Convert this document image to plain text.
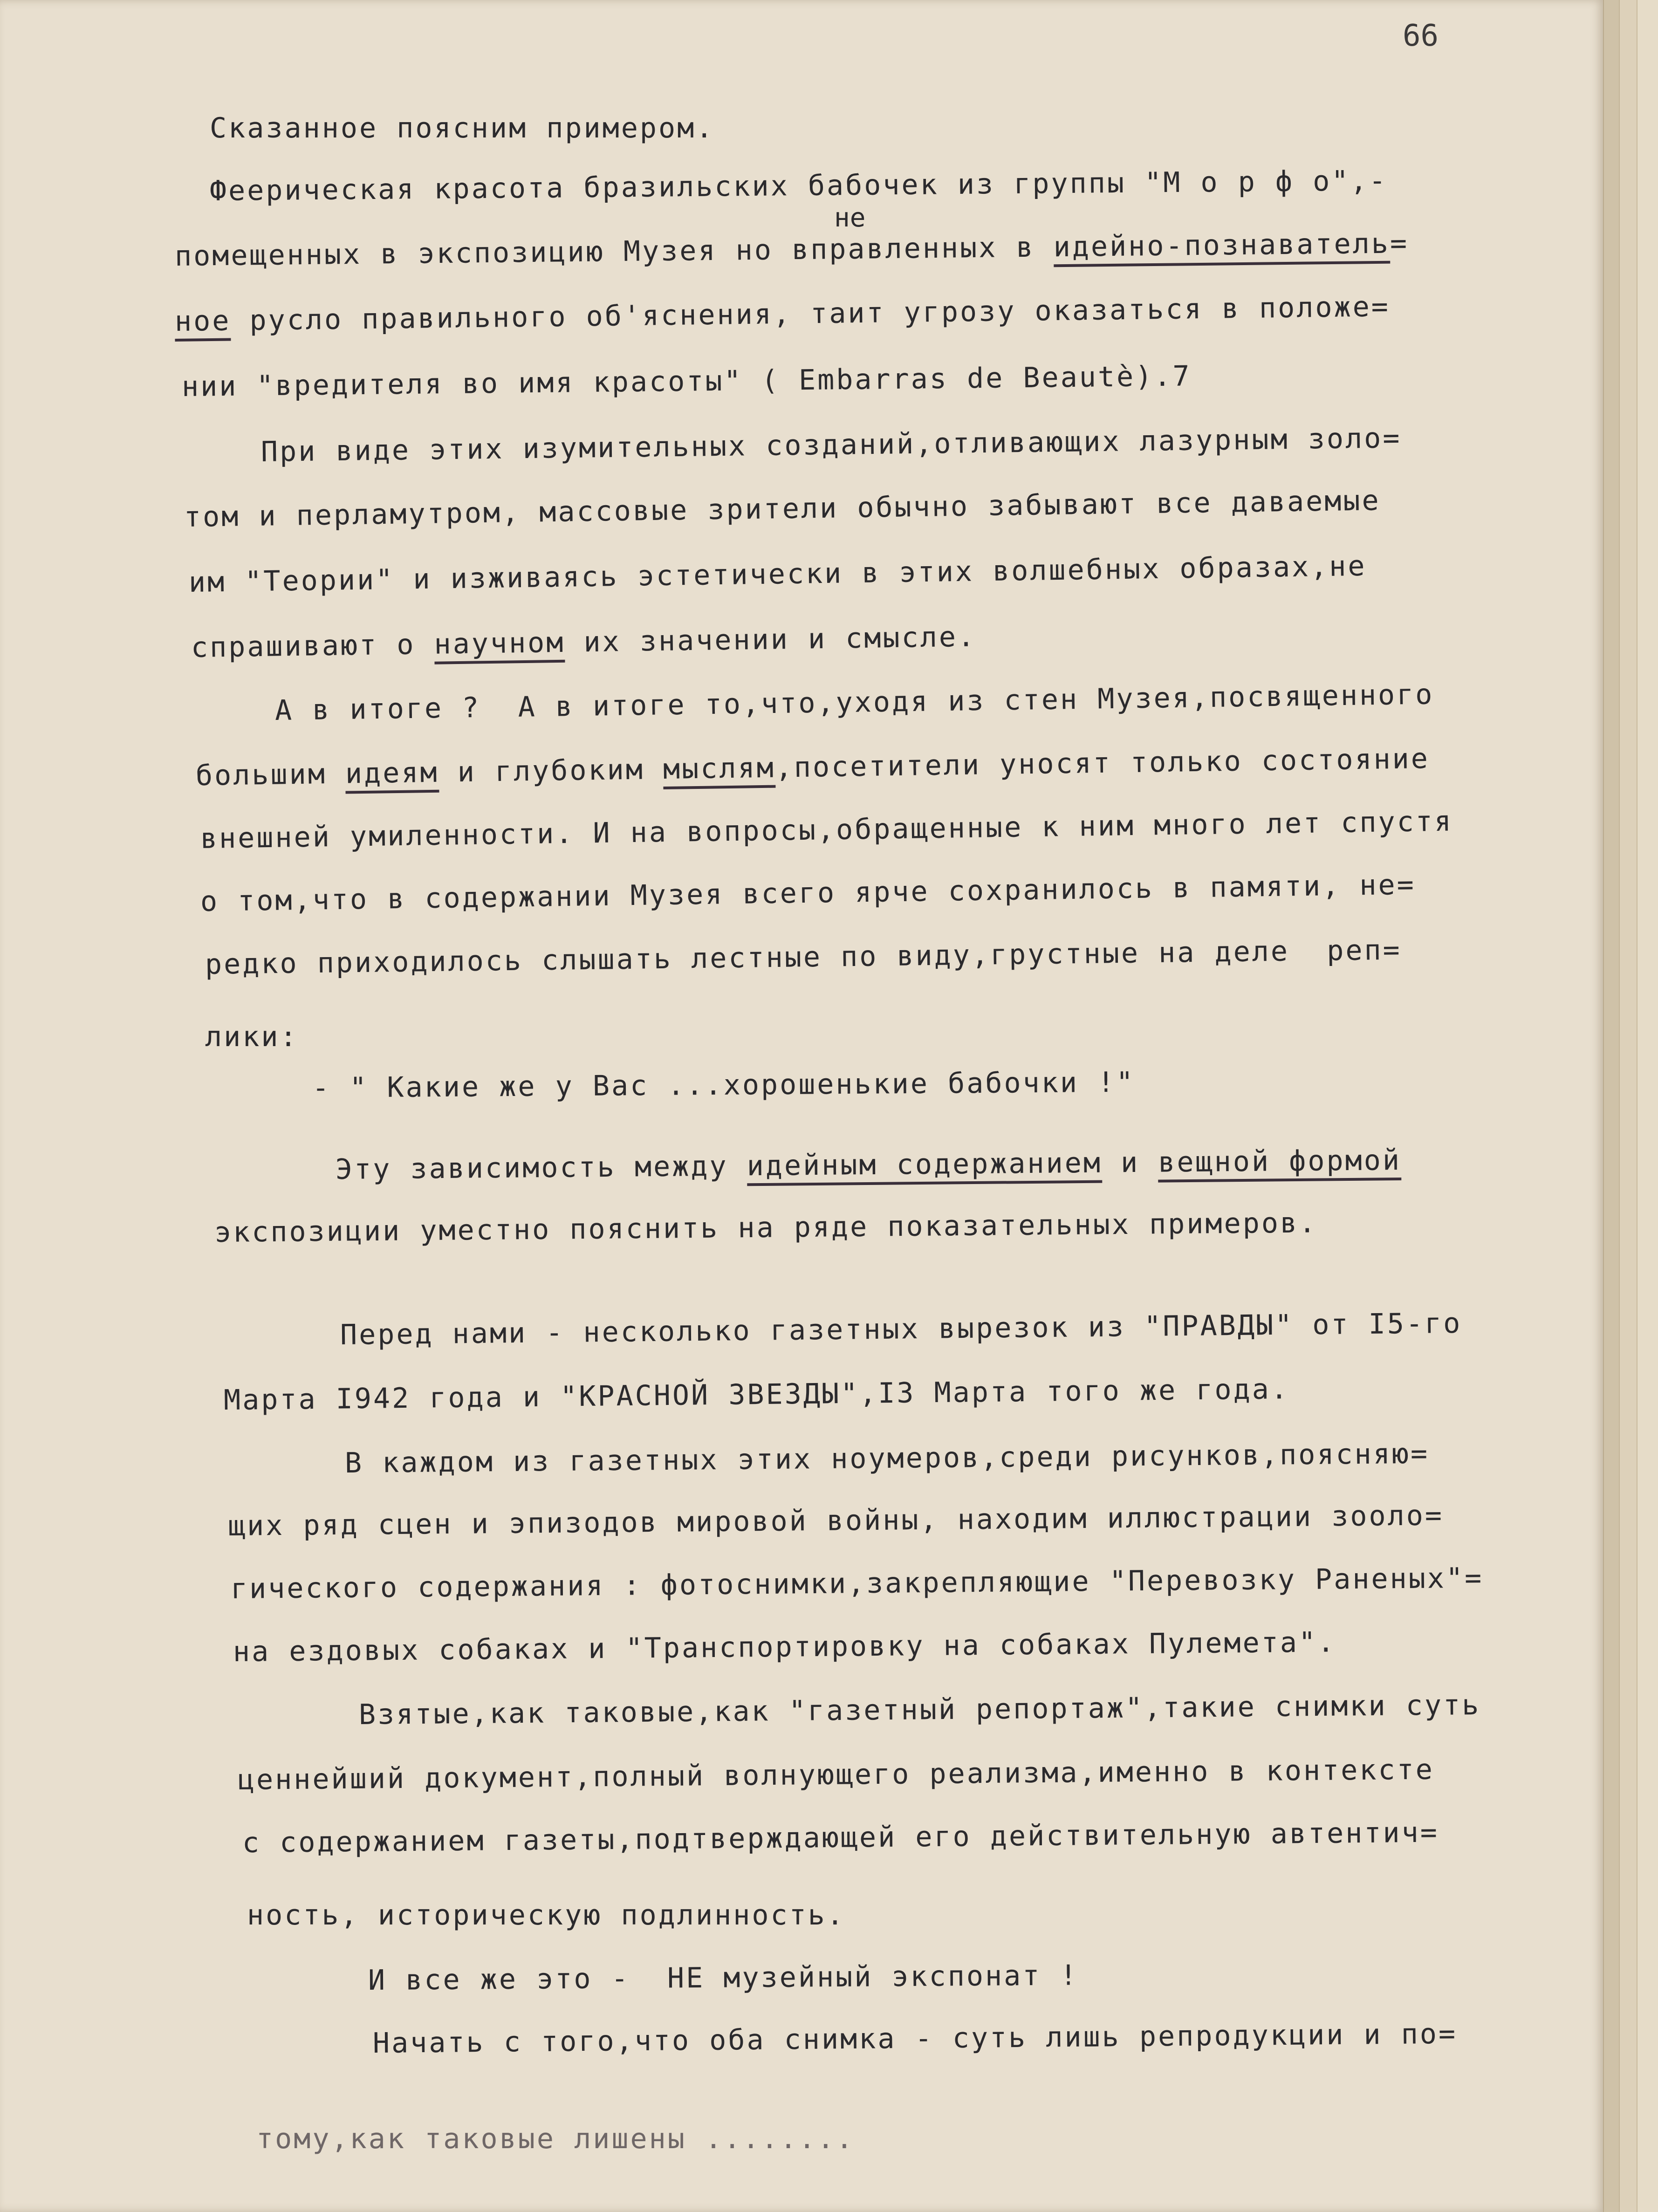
66
не
Сказанное поясним примером.
Феерическая красота бразильских бабочек из группы "М о р ф о",-
помещенных в экспозицию Музея но вправленных в идейно-познаватель=
ное русло правильного об'яснения, таит угрозу оказаться в положе=
нии "вредителя во имя красоты" ( Embarras de Beautè).7
При виде этих изумительных созданий,отливающих лазурным золо=
том и перламутром, массовые зрители обычно забывают все даваемые
им "Теории" и изживаясь эстетически в этих волшебных образах,не
спрашивают о научном их значении и смысле.
А в итоге ?  А в итоге то,что,уходя из стен Музея,посвященного
большим идеям и глубоким мыслям,посетители уносят только состояние
внешней умиленности. И на вопросы,обращенные к ним много лет спустя
о том,что в содержании Музея всего ярче сохранилось в памяти, не=
редко приходилось слышать лестные по виду,грустные на деле  реп=
лики:
- " Какие же у Вас ...хорошенькие бабочки !"
Эту зависимость между идейным содержанием и вещной формой
экспозиции уместно пояснить на ряде показательных примеров.
Перед нами - несколько газетных вырезок из "ПРАВДЫ" от I5-го
Марта I942 года и "КРАСНОЙ ЗВЕЗДЫ",I3 Марта того же года.
В каждом из газетных этих ноумеров,среди рисунков,поясняю=
щих ряд сцен и эпизодов мировой войны, находим иллюстрации зооло=
гического содержания : фотоснимки,закрепляющие "Перевозку Раненых"=
на ездовых собаках и "Транспортировку на собаках Пулемета".
Взятые,как таковые,как "газетный репортаж",такие снимки суть
ценнейший документ,полный волнующего реализма,именно в контексте
с содержанием газеты,подтверждающей его действительную автентич=
ность, историческую подлинность.
И все же это -  НЕ музейный экспонат !
Начать с того,что оба снимка - суть лишь репродукции и по=
тому,как таковые лишены ........
